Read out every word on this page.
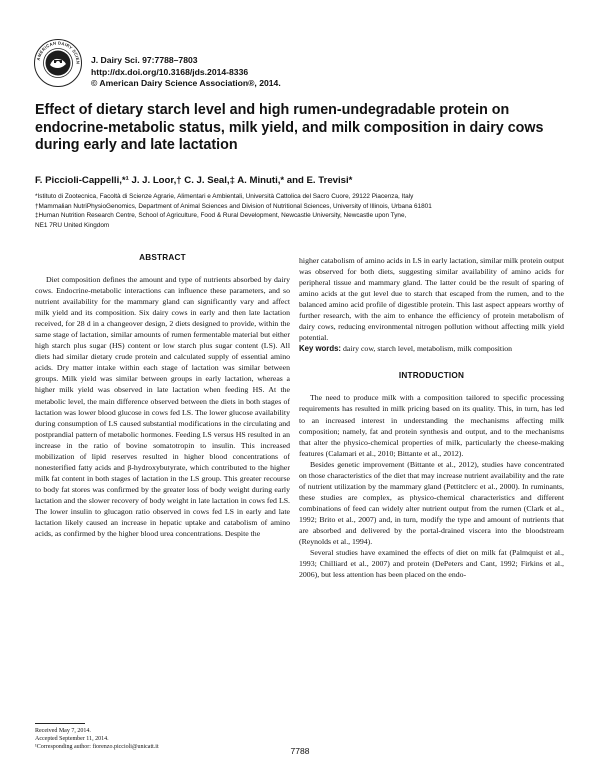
AMERICAN DAIRY SCIEN J. Dairy Sci. 97:7788–7803
http://dx.doi.org/10.3168/jds.2014-8336
© American Dairy Science Association®, 2014.
Effect of dietary starch level and high rumen-undegradable protein on endocrine-metabolic status, milk yield, and milk composition in dairy cows during early and late lactation
F. Piccioli-Cappelli,*¹ J. J. Loor,† C. J. Seal,‡ A. Minuti,* and E. Trevisi*
*Istituto di Zootecnica, Facoltà di Scienze Agrarie, Alimentari e Ambientali, Università Cattolica del Sacro Cuore, 29122 Piacenza, Italy
†Mammalian NutriPhysioGenomics, Department of Animal Sciences and Division of Nutritional Sciences, University of Illinois, Urbana 61801
‡Human Nutrition Research Centre, School of Agriculture, Food & Rural Development, Newcastle University, Newcastle upon Tyne,
NE1 7RU United Kingdom
ABSTRACT

Diet composition defines the amount and type of nutrients absorbed by dairy cows. Endocrine-metabolic interactions can influence these parameters, and so nutrient availability for the mammary gland can significantly vary and affect milk yield and its composition. Six dairy cows in early and then late lactation received, for 28 d in a changeover design, 2 diets designed to provide, within the same stage of lactation, similar amounts of rumen fermentable material but either high starch plus sugar (HS) content or low starch plus sugar content (LS). All diets had similar dietary crude protein and calculated supply of essential amino acids. Dry matter intake within each stage of lactation was similar between groups. Milk yield was similar between groups in early lactation, whereas a higher milk yield was observed in late lactation when feeding HS. At the metabolic level, the main difference observed between the diets in both stages of lactation was lower blood glucose in cows fed LS. The lower glucose availability during consumption of LS caused substantial modifications in the circulating and postprandial pattern of metabolic hormones. Feeding LS versus HS resulted in an increase in the ratio of bovine somatotropin to insulin. This increased mobilization of lipid reserves resulted in higher blood concentrations of nonesterified fatty acids and β-hydroxybutyrate, which contributed to the higher milk fat content in both stages of lactation in the LS group. This greater recourse to body fat stores was confirmed by the greater loss of body weight during early lactation and the slower recovery of body weight in late lactation in cows fed LS. The lower insulin to glucagon ratio observed in cows fed LS in early and late lactation likely caused an increase in hepatic uptake and catabolism of amino acids, as confirmed by the higher blood urea concentrations. Despite the

higher catabolism of amino acids in LS in early lactation, similar milk protein output was observed for both diets, suggesting similar availability of amino acids for peripheral tissue and mammary gland. The latter could be the result of sparing of amino acids at the gut level due to starch that escaped from the rumen, and to the balanced amino acid profile of digestible protein. This last aspect appears worthy of further research, with the aim to enhance the efficiency of protein metabolism of dairy cows, reducing environmental nitrogen pollution without affecting milk yield potential.

Key words: dairy cow, starch level, metabolism, milk composition

INTRODUCTION

The need to produce milk with a composition tailored to specific processing requirements has resulted in milk pricing based on its quality. This, in turn, has led to an increased interest in understanding the mechanisms affecting milk composition; namely, fat and protein synthesis and output, and to the mechanisms that alter the physico-chemical properties of milk, particularly the cheese-making features (Calamari et al., 2010; Bittante et al., 2012).

Besides genetic improvement (Bittante et al., 2012), studies have concentrated on those characteristics of the diet that may increase nutrient availability and the rate of nutrient utilization by the mammary gland (Pettitclerc et al., 2000). In ruminants, these studies are complex, as physico-chemical characteristics and different combinations of feed can widely alter nutrient output from the rumen (Clark et al., 1992; Brito et al., 2007) and, in turn, modify the type and amount of nutrients that are absorbed and delivered by the portal-drained viscera into the bloodstream (Reynolds et al., 1994).

Several studies have examined the effects of diet on milk fat (Palmquist et al., 1993; Chilliard et al., 2007) and protein (DePeters and Cant, 1992; Firkins et al., 2006), but less attention has been placed on the endo-

Received May 7, 2014.
Accepted September 11, 2014.
¹Corresponding author: fiorenzo.piccioli@unicatt.it	7788
